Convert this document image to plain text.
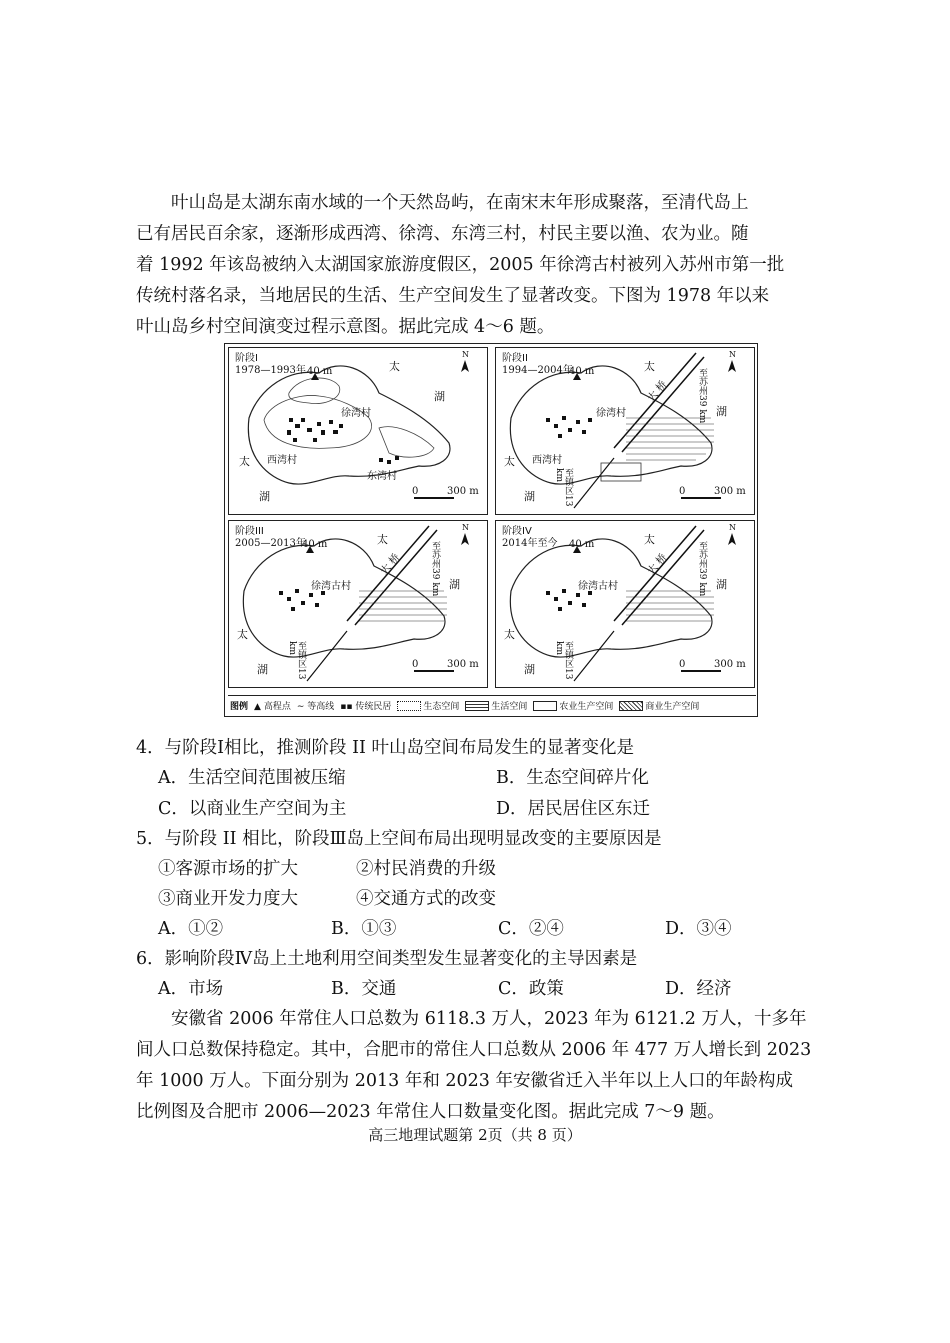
叶山岛是太湖东南水域的一个天然岛屿，在南宋末年形成聚落，至清代岛上

已有居民百余家，逐渐形成西湾、徐湾、东湾三村，村民主要以渔、农为业。随

着 1992 年该岛被纳入太湖国家旅游度假区，2005 年徐湾古村被列入苏州市第一批

传统村落名录，当地居民的生活、生产空间发生了显著改变。下图为 1978 年以来

叶山岛乡村空间演变过程示意图。据此完成 4～6 题。

阶段I
1978—1993年 40 m	太
湖
太
湖
徐湾村
西湾村
东湾村
0	300 m
N	阶段II
1994—2004年
40 m	太
湖
太
湖
徐湾村
西湾村
大 桥	至苏州39 km
至镇区13 km
0	300 m
N
阶段III
2005—2013年
40 m	太
湖
太
湖
徐湾古村
大 桥	至苏州39 km
至镇区13 km
0	300 m
N	阶段IV
2014年至今 40 m	太
湖
太
湖
徐湾古村
大 桥	至苏州39 km
至镇区13 km
0	300 m
N
图例 ▲ 高程点 ∼ 等高线 ▪▪ 传统民居	生态空间	生活空间	农业生产空间	商业生产空间
4．与阶段Ⅰ相比，推测阶段 II 叶山岛空间布局发生的显著变化是
A．生活空间范围被压缩	B．生态空间碎片化
C．以商业生产空间为主	D．居民居住区东迁
5．与阶段 II 相比，阶段Ⅲ岛上空间布局出现明显改变的主要原因是
①客源市场的扩大	②村民消费的升级
③商业开发力度大	④交通方式的改变
A．①②	B．①③	C．②④	D．③④
6．影响阶段Ⅳ岛上土地利用空间类型发生显著变化的主导因素是
A．市场	B．交通	C．政策	D．经济

安徽省 2006 年常住人口总数为 6118.3 万人，2023 年为 6121.2 万人，十多年

间人口总数保持稳定。其中，合肥市的常住人口总数从 2006 年 477 万人增长到 2023

年 1000 万人。下面分别为 2013 年和 2023 年安徽省迁入半年以上人口的年龄构成

比例图及合肥市 2006—2023 年常住人口数量变化图。据此完成 7～9 题。

高三地理试题第 2页（共 8 页）
